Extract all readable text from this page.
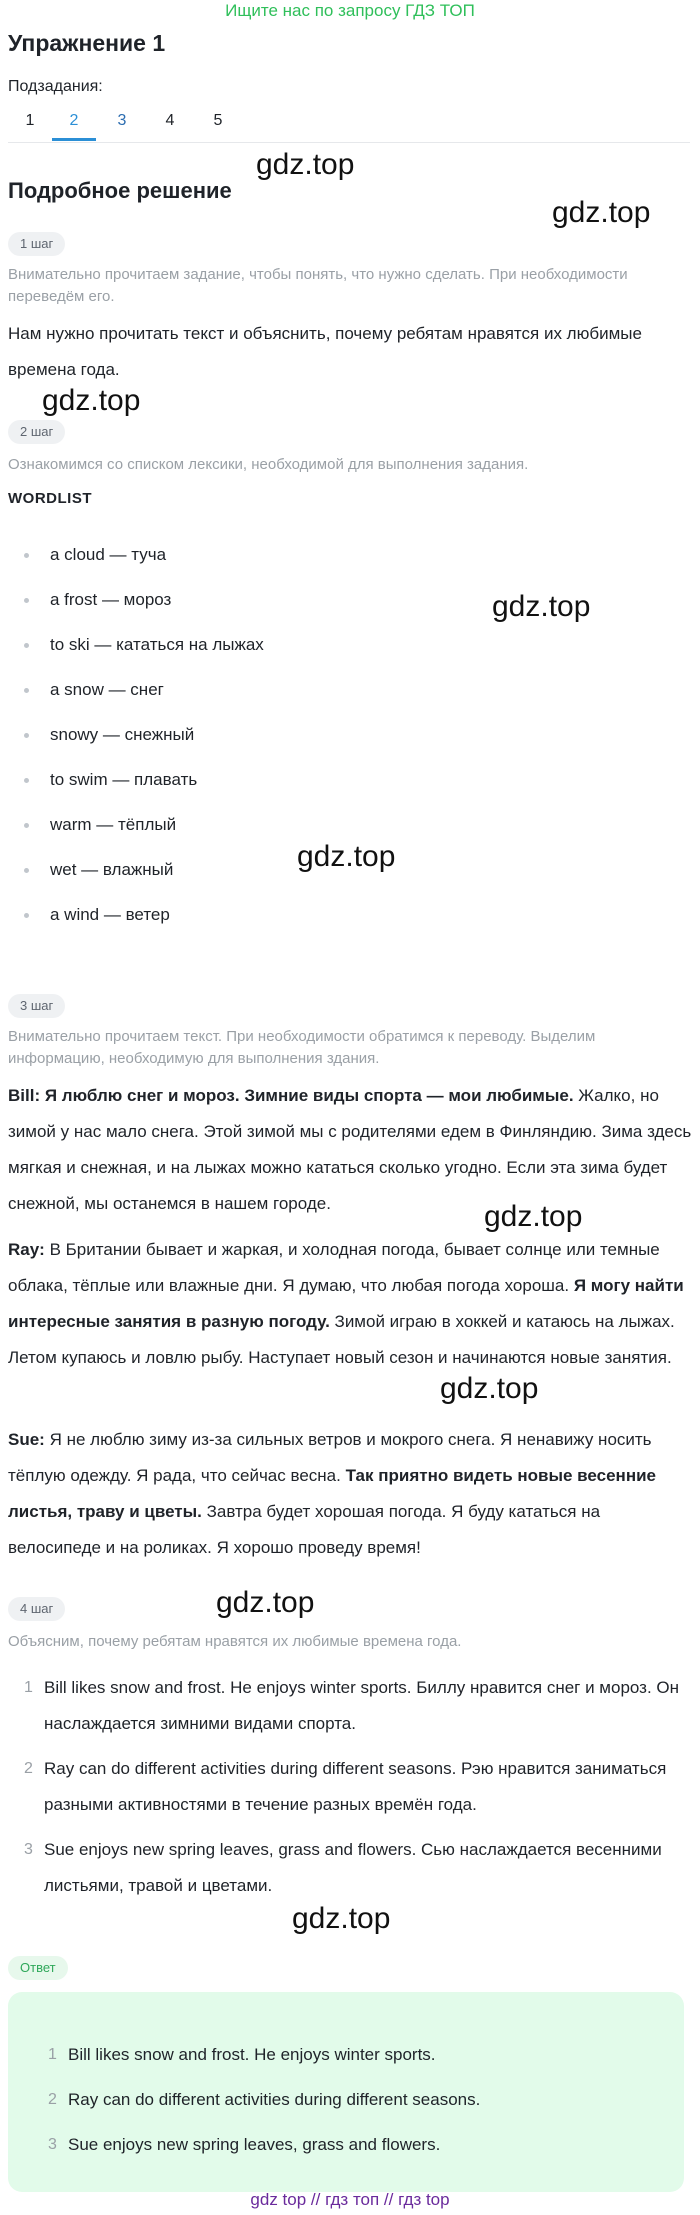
Ищите нас по запросу ГДЗ ТОП
Упражнение 1
Подзадания:
1	2	3	4	5
Подробное решение
gdz.top
gdz.top
gdz.top
gdz.top
gdz.top
gdz.top
gdz.top
gdz.top
gdz.top
1 шаг
Внимательно прочитаем задание, чтобы понять, что нужно сделать. При необходимости переведём его.
Нам нужно прочитать текст и объяснить, почему ребятам нравятся их любимые времена года.
2 шаг
Ознакомимся со списком лексики, необходимой для выполнения задания.
WORDLIST
a cloud — туча
a frost — мороз
to ski — кататься на лыжах
a snow — снег
snowy — снежный
to swim — плавать
warm — тёплый
wet — влажный
a wind — ветер
3 шаг
Внимательно прочитаем текст. При необходимости обратимся к переводу. Выделим информацию, необходимую для выполнения здания.
Bill: Я люблю снег и мороз. Зимние виды спорта — мои любимые. Жалко, но зимой у нас мало снега. Этой зимой мы с родителями едем в Финляндию. Зима здесь мягкая и снежная, и на лыжах можно кататься сколько угодно. Если эта зима будет снежной, мы останемся в нашем городе.
Ray: В Британии бывает и жаркая, и холодная погода, бывает солнце или темные облака, тёплые или влажные дни. Я думаю, что любая погода хороша. Я могу найти интересные занятия в разную погоду. Зимой играю в хоккей и катаюсь на лыжах. Летом купаюсь и ловлю рыбу. Наступает новый сезон и начинаются новые занятия.
Sue: Я не люблю зиму из-за сильных ветров и мокрого снега. Я ненавижу носить тёплую одежду. Я рада, что сейчас весна. Так приятно видеть новые весенние листья, траву и цветы. Завтра будет хорошая погода. Я буду кататься на велосипеде и на роликах. Я хорошо проведу время!
4 шаг
Объясним, почему ребятам нравятся их любимые времена года.
1 Bill likes snow and frost. He enjoys winter sports. Биллу нравится снег и мороз. Он наслаждается зимними видами спорта.
2 Ray can do different activities during different seasons. Рэю нравится заниматься разными активностями в течение разных времён года.
3 Sue enjoys new spring leaves, grass and flowers. Сью наслаждается весенними листьями, травой и цветами.
Ответ
1 Bill likes snow and frost. He enjoys winter sports.
2 Ray can do different activities during different seasons.
3 Sue enjoys new spring leaves, grass and flowers.
gdz top // гдз топ // гдз top
